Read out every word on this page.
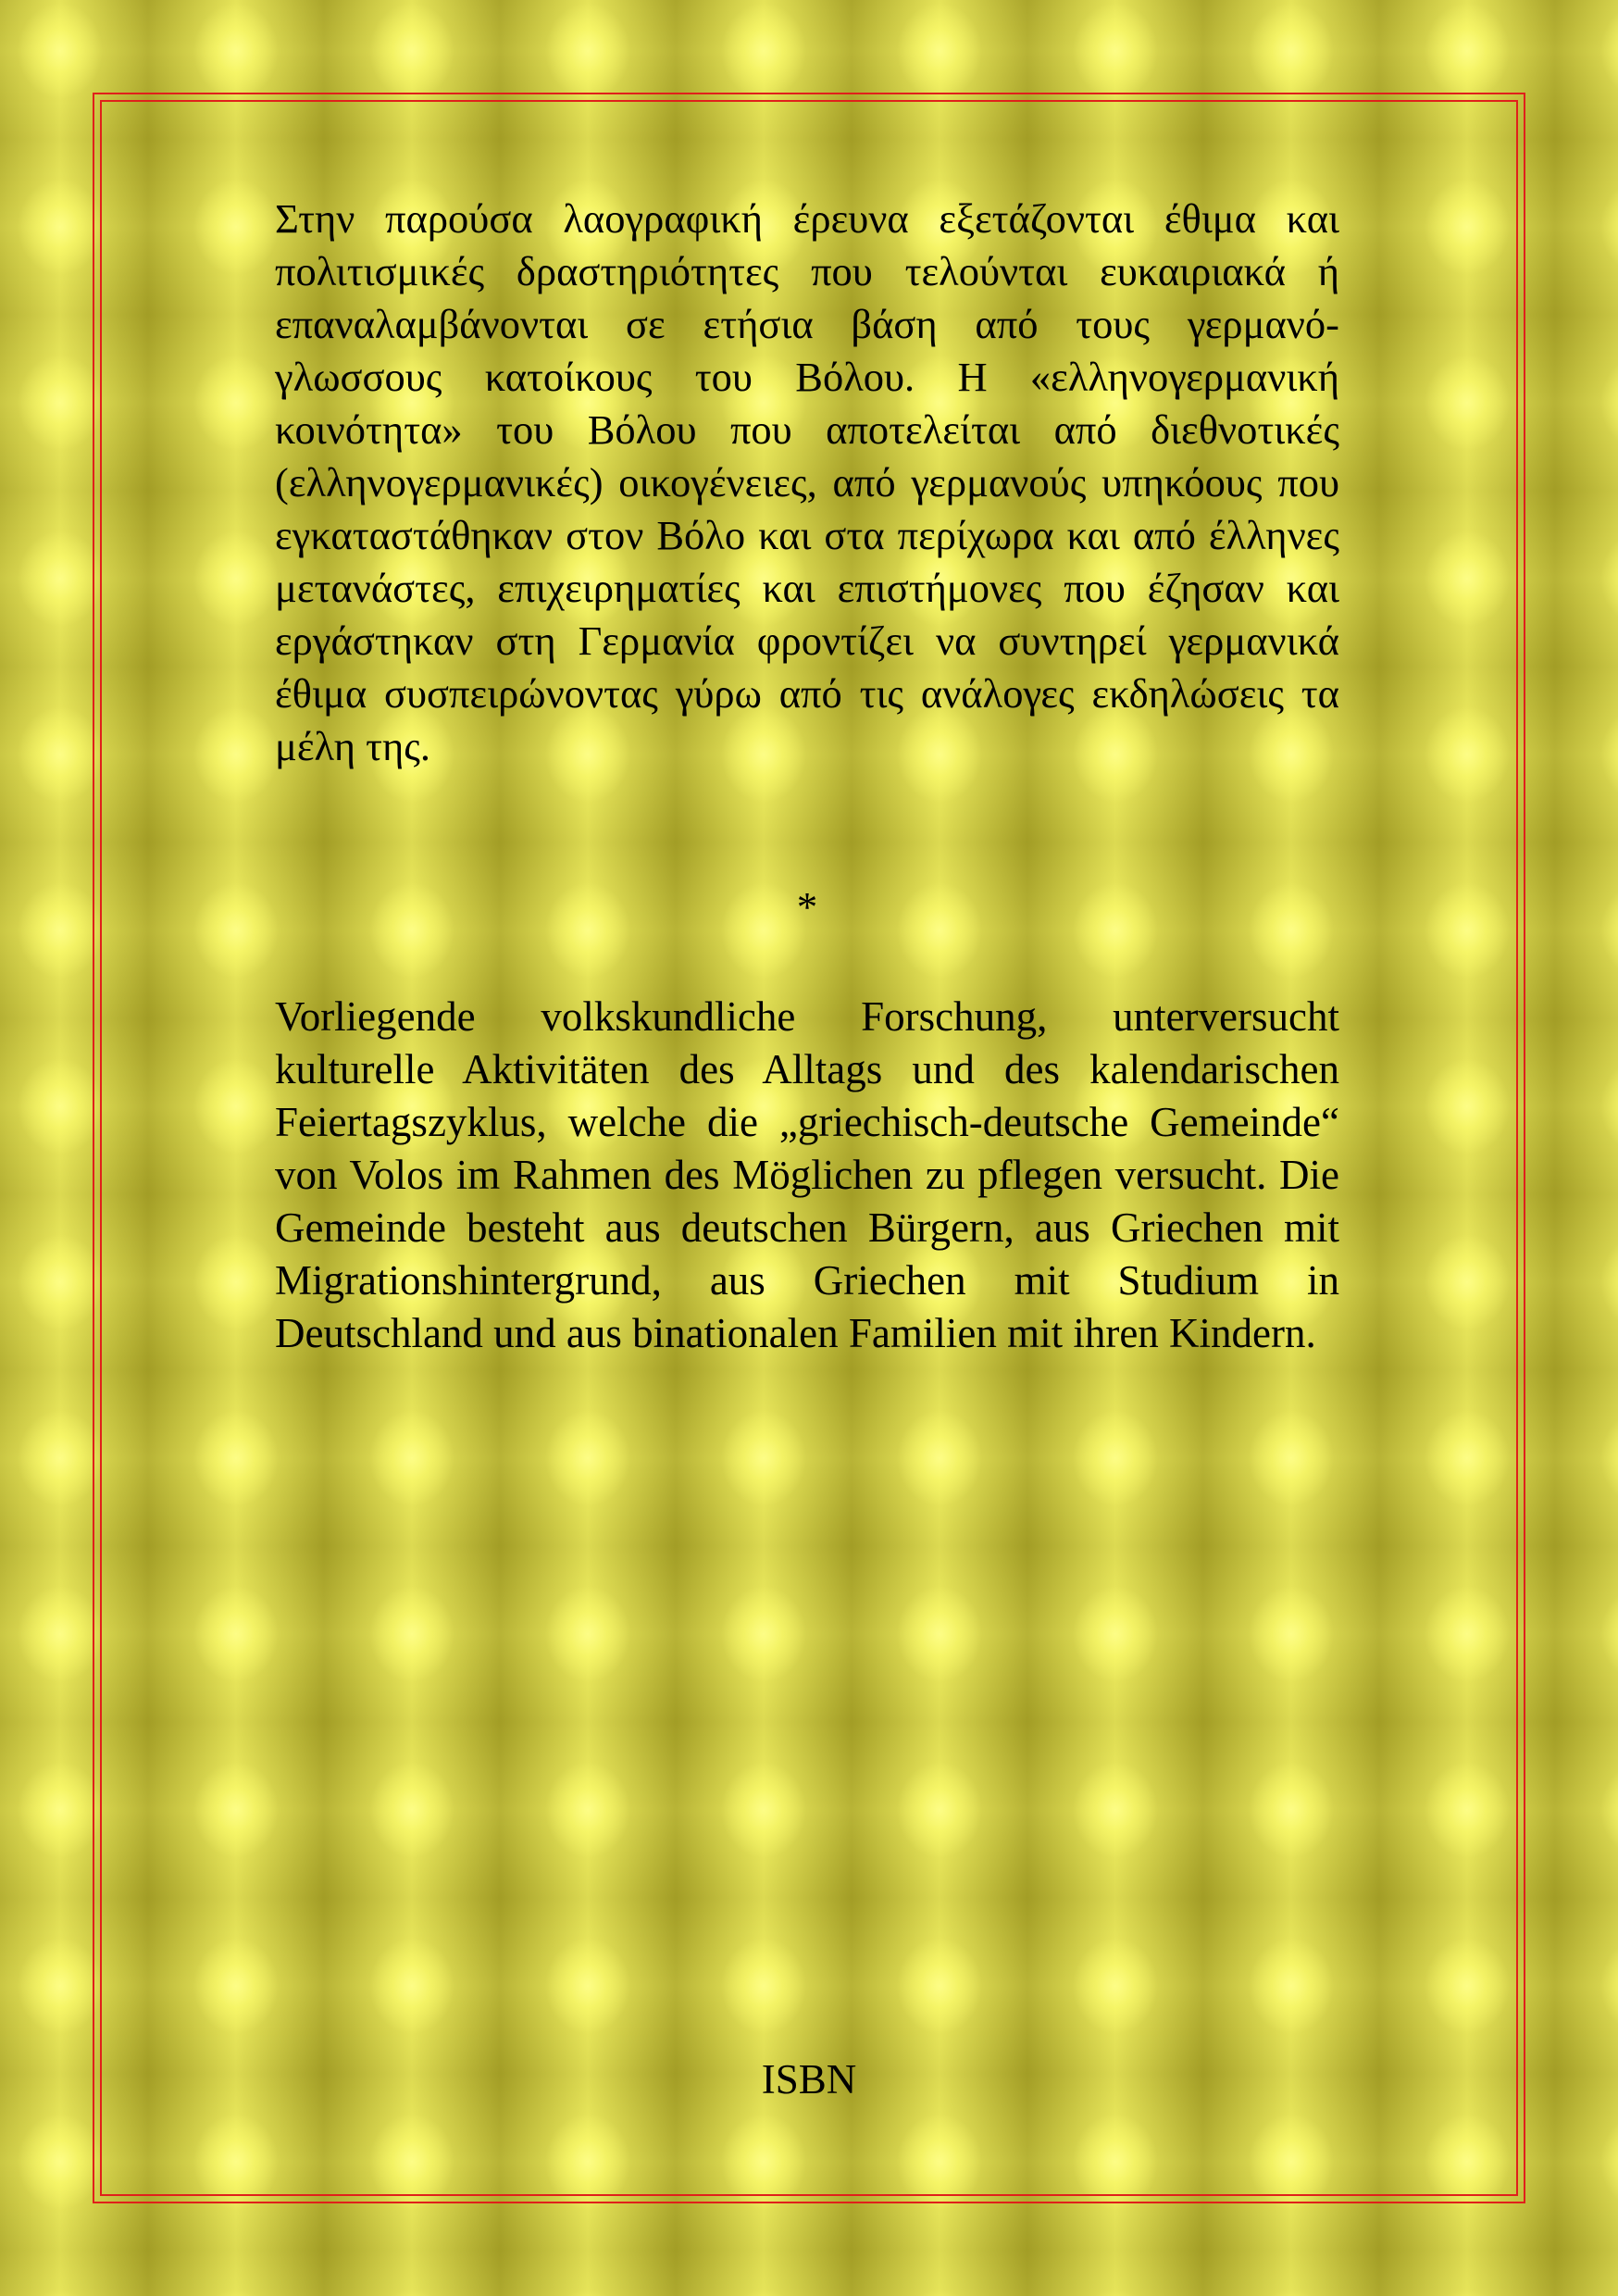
Στην παρούσα λαογραφική έρευνα εξετάζονται έθιμα και πολιτισμικές δραστηριότητες που τελούνται ευκαιριακά ή επαναλαμβάνονται σε ετήσια βάση από τους γερμανό-γλωσσους κατοίκους του Βόλου. Η «ελληνογερμανική κοινότητα» του Βόλου που αποτελείται από διεθνοτικές (ελληνογερμανικές) οικογένειες, από γερμανούς υπηκόους που εγκαταστάθηκαν στον Βόλο και στα περίχωρα και από έλληνες μετανάστες, επιχειρηματίες και επιστήμονες που έζησαν και εργάστηκαν στη Γερμανία φροντίζει να συντηρεί γερμανικά έθιμα συσπειρώνοντας γύρω από τις ανάλογες εκδηλώσεις τα μέλη της.

*

Vorliegende volkskundliche Forschung, unterversucht kulturelle Aktivitäten des Alltags und des kalendarischen Feiertagszyklus, welche die „griechisch-deutsche Gemeinde“ von Volos im Rahmen des Möglichen zu pflegen versucht. Die Gemeinde besteht aus deutschen Bürgern, aus Griechen mit Migrationshintergrund, aus Griechen mit Studium in Deutschland und aus binationalen Familien mit ihren Kindern.

ISBN
